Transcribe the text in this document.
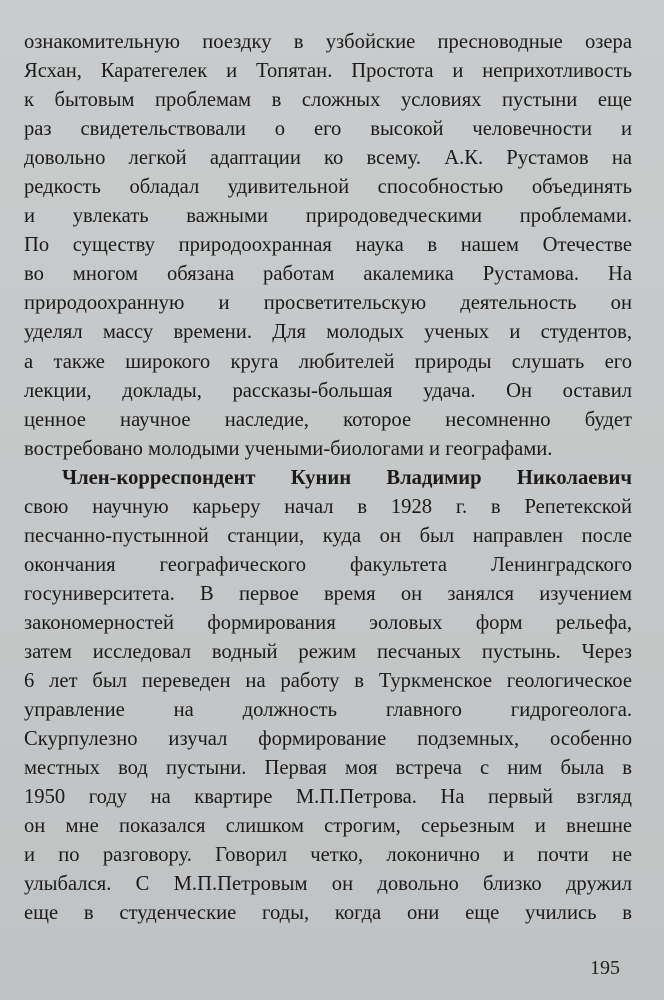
ознакомительную поездку в узбойские пресноводные озера
Ясхан, Каратегелек и Топятан. Простота и неприхотливость
к бытовым проблемам в сложных условиях пустыни еще
раз свидетельствовали о его высокой человечности и
довольно легкой адаптации ко всему. А.К. Рустамов на
редкость обладал удивительной способностью объединять
и увлекать важными природоведческими проблемами.
По существу природоохранная наука в нашем Отечестве
во многом обязана работам акалемика Рустамова. На
природоохранную и просветительскую деятельность он
уделял массу времени. Для молодых ученых и студентов,
а также широкого круга любителей природы слушать его
лекции, доклады, рассказы-большая удача. Он оставил
ценное научное наследие, которое несомненно будет
востребовано молодыми учеными-биологами и географами.
Член-корреспондент Кунин Владимир Николаевич
свою научную карьеру начал в 1928 г. в Репетекской
песчанно-пустынной станции, куда он был направлен после
окончания географического факультета Ленинградского
госуниверситета. В первое время он занялся изучением
закономерностей формирования эоловых форм рельефа,
затем исследовал водный режим песчаных пустынь. Через
6 лет был переведен на работу в Туркменское геологическое
управление на должность главного гидрогеолога.
Скурпулезно изучал формирование подземных, особенно
местных вод пустыни. Первая моя встреча с ним была в
1950 году на квартире М.П.Петрова. На первый взгляд
он мне показался слишком строгим, серьезным и внешне
и по разговору. Говорил четко, локонично и почти не
улыбался. С М.П.Петровым он довольно близко дружил
еще в студенческие годы, когда они еще учились в
195
